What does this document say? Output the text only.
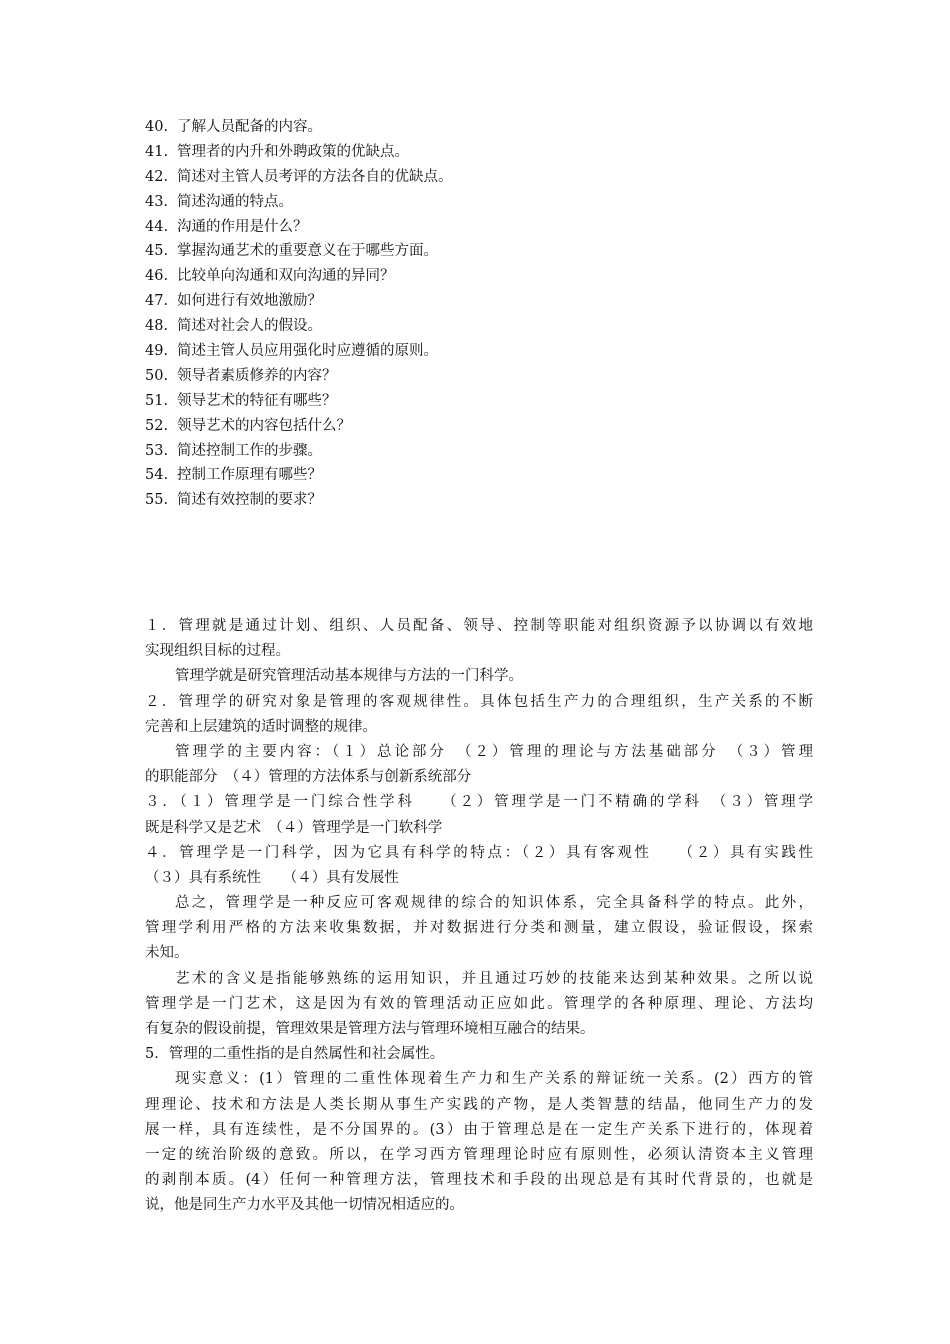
40. 了解人员配备的内容。
41. 管理者的内升和外聘政策的优缺点。
42. 简述对主管人员考评的方法各自的优缺点。
43. 简述沟通的特点。
44. 沟通的作用是什么？
45. 掌握沟通艺术的重要意义在于哪些方面。
46. 比较单向沟通和双向沟通的异同？
47. 如何进行有效地激励？
48. 简述对社会人的假设。
49. 简述主管人员应用强化时应遵循的原则。
50. 领导者素质修养的内容？
51. 领导艺术的特征有哪些？
52. 领导艺术的内容包括什么？
53. 简述控制工作的步骤。
54. 控制工作原理有哪些？
55. 简述有效控制的要求？
１．管理就是通过计划、组织、人员配备、领导、控制等职能对组织资源予以协调以有效地
实现组织目标的过程。
管理学就是研究管理活动基本规律与方法的一门科学。
２．管理学的研究对象是管理的客观规律性。具体包括生产力的合理组织，生产关系的不断
完善和上层建筑的适时调整的规律。
管理学的主要内容：（１）总论部分　（２）管理的理论与方法基础部分　（３）管理
的职能部分　（４）管理的方法体系与创新系统部分
３．（１）管理学是一门综合性学科　　（２）管理学是一门不精确的学科　（３）管理学
既是科学又是艺术　（４）管理学是一门软科学
４．管理学是一门科学，因为它具有科学的特点：（２）具有客观性　　（２）具有实践性
（３）具有系统性　　（４）具有发展性
总之，管理学是一种反应可客观规律的综合的知识体系，完全具备科学的特点。此外，
管理学利用严格的方法来收集数据，并对数据进行分类和测量，建立假设，验证假设，探索
未知。
艺术的含义是指能够熟练的运用知识，并且通过巧妙的技能来达到某种效果。之所以说
管理学是一门艺术，这是因为有效的管理活动正应如此。管理学的各种原理、理论、方法均
有复杂的假设前提，管理效果是管理方法与管理环境相互融合的结果。
5．管理的二重性指的是自然属性和社会属性。
现实意义：(1）管理的二重性体现着生产力和生产关系的辩证统一关系。(2）西方的管
理理论、技术和方法是人类长期从事生产实践的产物，是人类智慧的结晶，他同生产力的发
展一样，具有连续性，是不分国界的。(3）由于管理总是在一定生产关系下进行的，体现着
一定的统治阶级的意致。所以，在学习西方管理理论时应有原则性，必须认清资本主义管理
的剥削本质。(4）任何一种管理方法，管理技术和手段的出现总是有其时代背景的，也就是
说，他是同生产力水平及其他一切情况相适应的。
